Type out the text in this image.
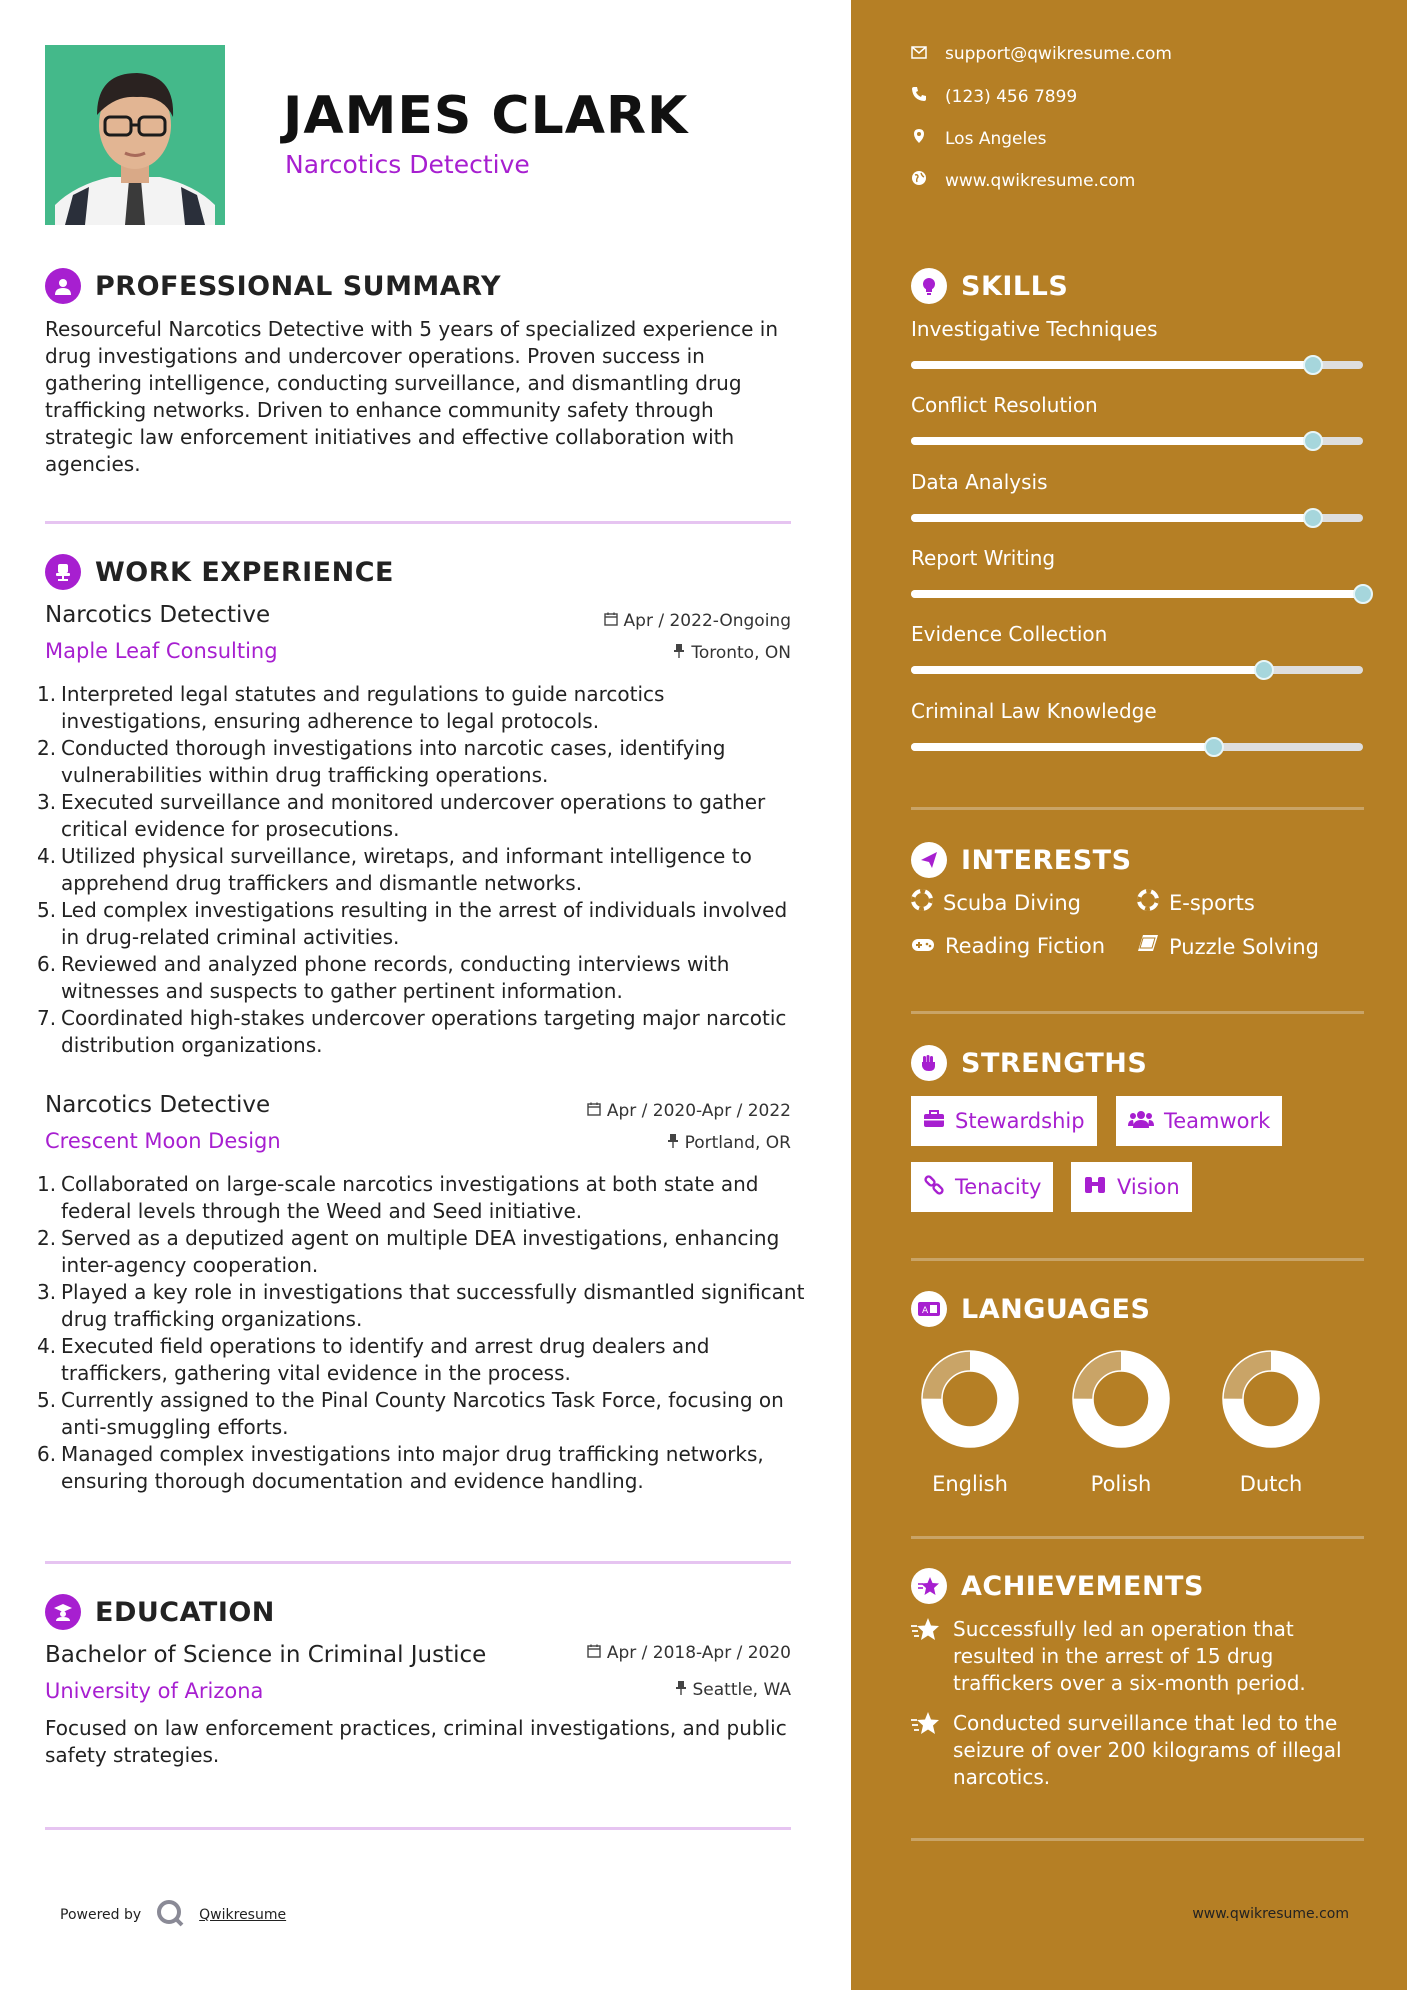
JAMES CLARK
Narcotics Detective
PROFESSIONAL SUMMARY
Resourceful Narcotics Detective with 5 years of specialized experience in drug investigations and undercover operations. Proven success in gathering intelligence, conducting surveillance, and dismantling drug trafficking networks. Driven to enhance community safety through strategic law enforcement initiatives and effective collaboration with agencies.
WORK EXPERIENCE
Narcotics Detective	Apr / 2022-Ongoing
Maple Leaf Consulting	Toronto, ON
1. Interpreted legal statutes and regulations to guide narcotics investigations, ensuring adherence to legal protocols.
2. Conducted thorough investigations into narcotic cases, identifying vulnerabilities within drug trafficking operations.
3. Executed surveillance and monitored undercover operations to gather critical evidence for prosecutions.
4. Utilized physical surveillance, wiretaps, and informant intelligence to apprehend drug traffickers and dismantle networks.
5. Led complex investigations resulting in the arrest of individuals involved in drug-related criminal activities.
6. Reviewed and analyzed phone records, conducting interviews with witnesses and suspects to gather pertinent information.
7. Coordinated high-stakes undercover operations targeting major narcotic distribution organizations.
Narcotics Detective	Apr / 2020-Apr / 2022
Crescent Moon Design	Portland, OR
1. Collaborated on large-scale narcotics investigations at both state and federal levels through the Weed and Seed initiative.
2. Served as a deputized agent on multiple DEA investigations, enhancing inter-agency cooperation.
3. Played a key role in investigations that successfully dismantled significant drug trafficking organizations.
4. Executed field operations to identify and arrest drug dealers and traffickers, gathering vital evidence in the process.
5. Currently assigned to the Pinal County Narcotics Task Force, focusing on anti-smuggling efforts.
6. Managed complex investigations into major drug trafficking networks, ensuring thorough documentation and evidence handling.
EDUCATION
Bachelor of Science in Criminal Justice	Apr / 2018-Apr / 2020
University of Arizona	Seattle, WA
Focused on law enforcement practices, criminal investigations, and public safety strategies.
Powered by	Qwikresume
support@qwikresume.com
(123) 456 7899
Los Angeles
www.qwikresume.com
SKILLS
Investigative Techniques
Conflict Resolution
Data Analysis
Report Writing
Evidence Collection
Criminal Law Knowledge
INTERESTS
Scuba Diving	E-sports
Reading Fiction	Puzzle Solving
STRENGTHS
Stewardship	Teamwork
Tenacity	Vision
A LANGUAGES
English	Polish	Dutch
ACHIEVEMENTS
Successfully led an operation that resulted in the arrest of 15 drug traffickers over a six-month period.
Conducted surveillance that led to the seizure of over 200 kilograms of illegal narcotics.
www.qwikresume.com
